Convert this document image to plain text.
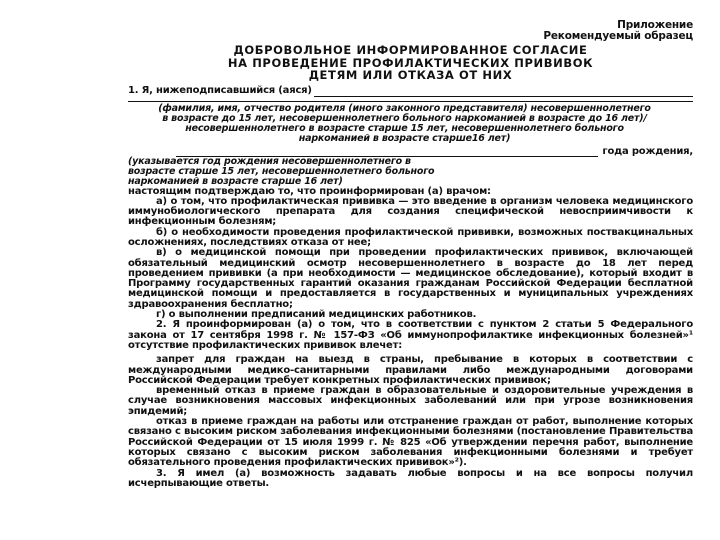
Приложение
Рекомендуемый образец
ДОБРОВОЛЬНОЕ ИНФОРМИРОВАННОЕ СОГЛАСИЕ
НА ПРОВЕДЕНИЕ ПРОФИЛАКТИЧЕСКИХ ПРИВИВОК
ДЕТЯМ ИЛИ ОТКАЗА ОТ НИХ
1. Я, нижеподписавшийся (аяся)
(фамилия, имя, отчество родителя (иного законного представителя) несовершеннолетнего в возрасте до 15 лет, несовершеннолетнего больного наркоманией в возрасте до 16 лет)/ несовершеннолетнего в возрасте старше 15 лет, несовершеннолетнего больного наркоманией в возрасте старше16 лет)
года рождения,
(указывается год рождения несовершеннолетнего в возрасте старше 15 лет, несовершеннолетнего больного наркоманией в возрасте старше 16 лет)

настоящим подтверждаю то, что проинформирован (а) врачом:

а) о том, что профилактическая прививка — это введение в организм человека медицинского иммунобиологического препарата для создания специфической невосприимчивости к инфекционным болезням;

б) о необходимости проведения профилактической прививки, возможных поствакцинальных осложнениях, последствиях отказа от нее;

в) о медицинской помощи при проведении профилактических прививок, включающей обязательный медицинский осмотр несовершеннолетнего в возрасте до 18 лет перед проведением прививки (а при необходимости — медицинское обследование), который входит в Программу государственных гарантий оказания гражданам Российской Федерации бесплатной медицинской помощи и предоставляется в государственных и муниципальных учреждениях здравоохранения бесплатно;

г) о выполнении предписаний медицинских работников.

2. Я проинформирован (а) о том, что в соответствии с пунктом 2 статьи 5 Федерального закона от 17 сентября 1998 г. № 157-ФЗ «Об иммунопрофилактике инфекционных болезней»¹ отсутствие профилактических прививок влечет:

запрет для граждан на выезд в страны, пребывание в которых в соответствии с международными медико-санитарными правилами либо международными договорами Российской Федерации требует конкретных профилактических прививок;

временный отказ в приеме граждан в образовательные и оздоровительные учреждения в случае возникновения массовых инфекционных заболеваний или при угрозе возникновения эпидемий;

отказ в приеме граждан на работы или отстранение граждан от работ, выполнение которых связано с высоким риском заболевания инфекционными болезнями (постановление Правительства Российской Федерации от 15 июля 1999 г. № 825 «Об утверждении перечня работ, выполнение которых связано с высоким риском заболевания инфекционными болезнями и требует обязательного проведения профилактических прививок»²).

3. Я имел (а) возможность задавать любые вопросы и на все вопросы получил исчерпывающие ответы.
